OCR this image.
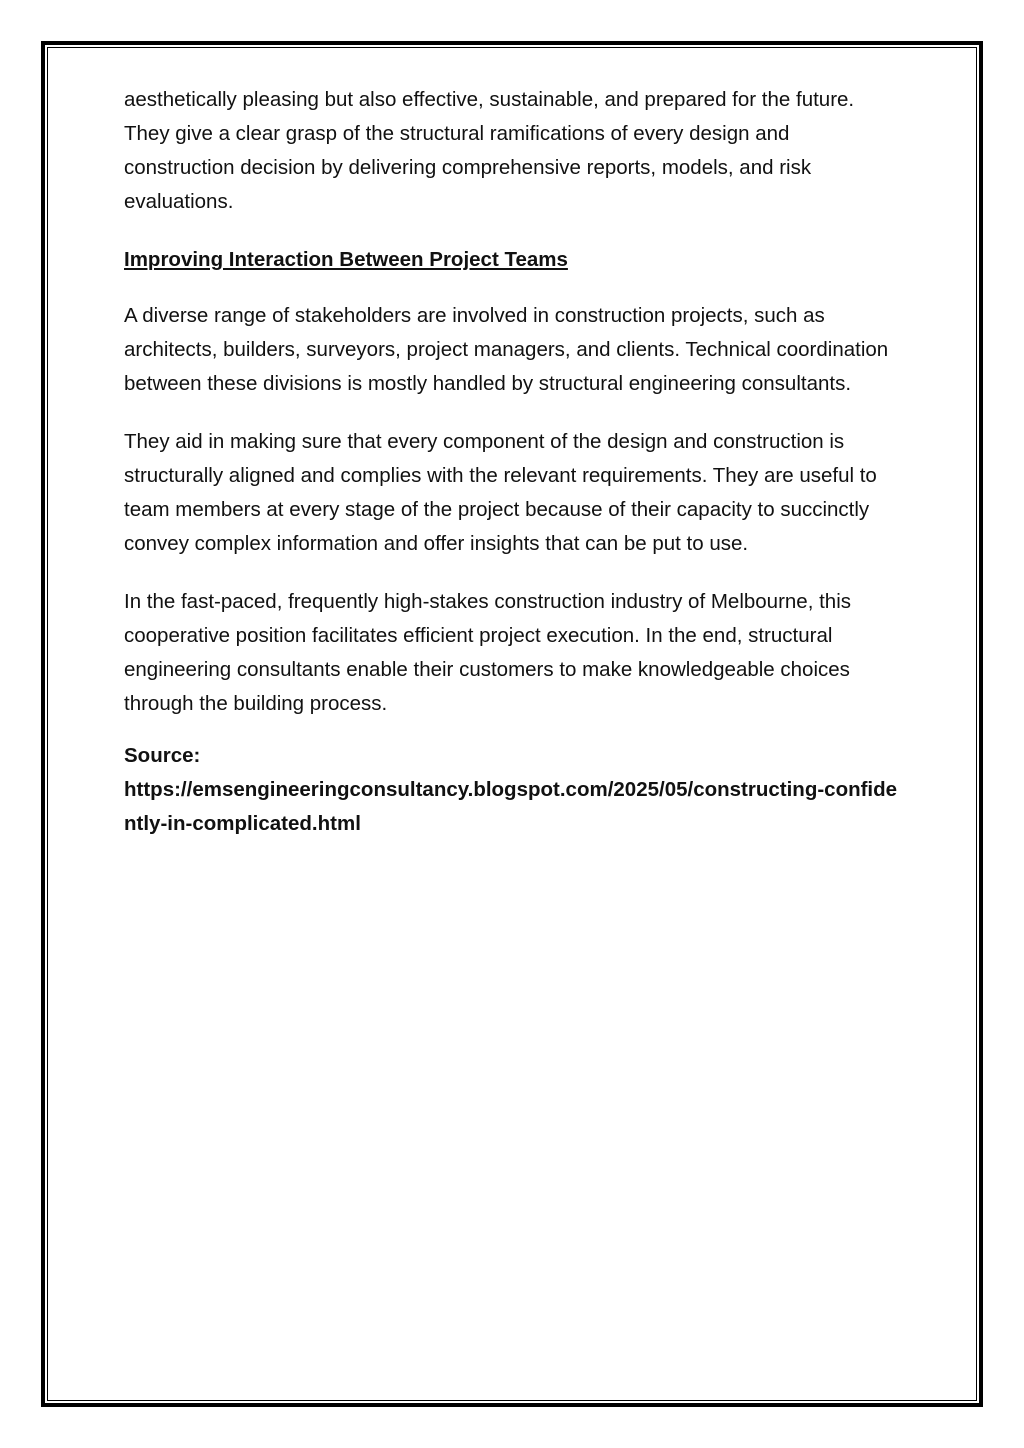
aesthetically pleasing but also effective, sustainable, and prepared for the future. They give a clear grasp of the structural ramifications of every design and construction decision by delivering comprehensive reports, models, and risk evaluations.

Improving Interaction Between Project Teams

A diverse range of stakeholders are involved in construction projects, such as architects, builders, surveyors, project managers, and clients. Technical coordination between these divisions is mostly handled by structural engineering consultants.

They aid in making sure that every component of the design and construction is structurally aligned and complies with the relevant requirements. They are useful to team members at every stage of the project because of their capacity to succinctly convey complex information and offer insights that can be put to use.

In the fast-paced, frequently high-stakes construction industry of Melbourne, this cooperative position facilitates efficient project execution. In the end, structural engineering consultants enable their customers to make knowledgeable choices through the building process.

Source:
https://emsengineeringconsultancy.blogspot.com/2025/05/constructing-confidently-in-complicated.html
